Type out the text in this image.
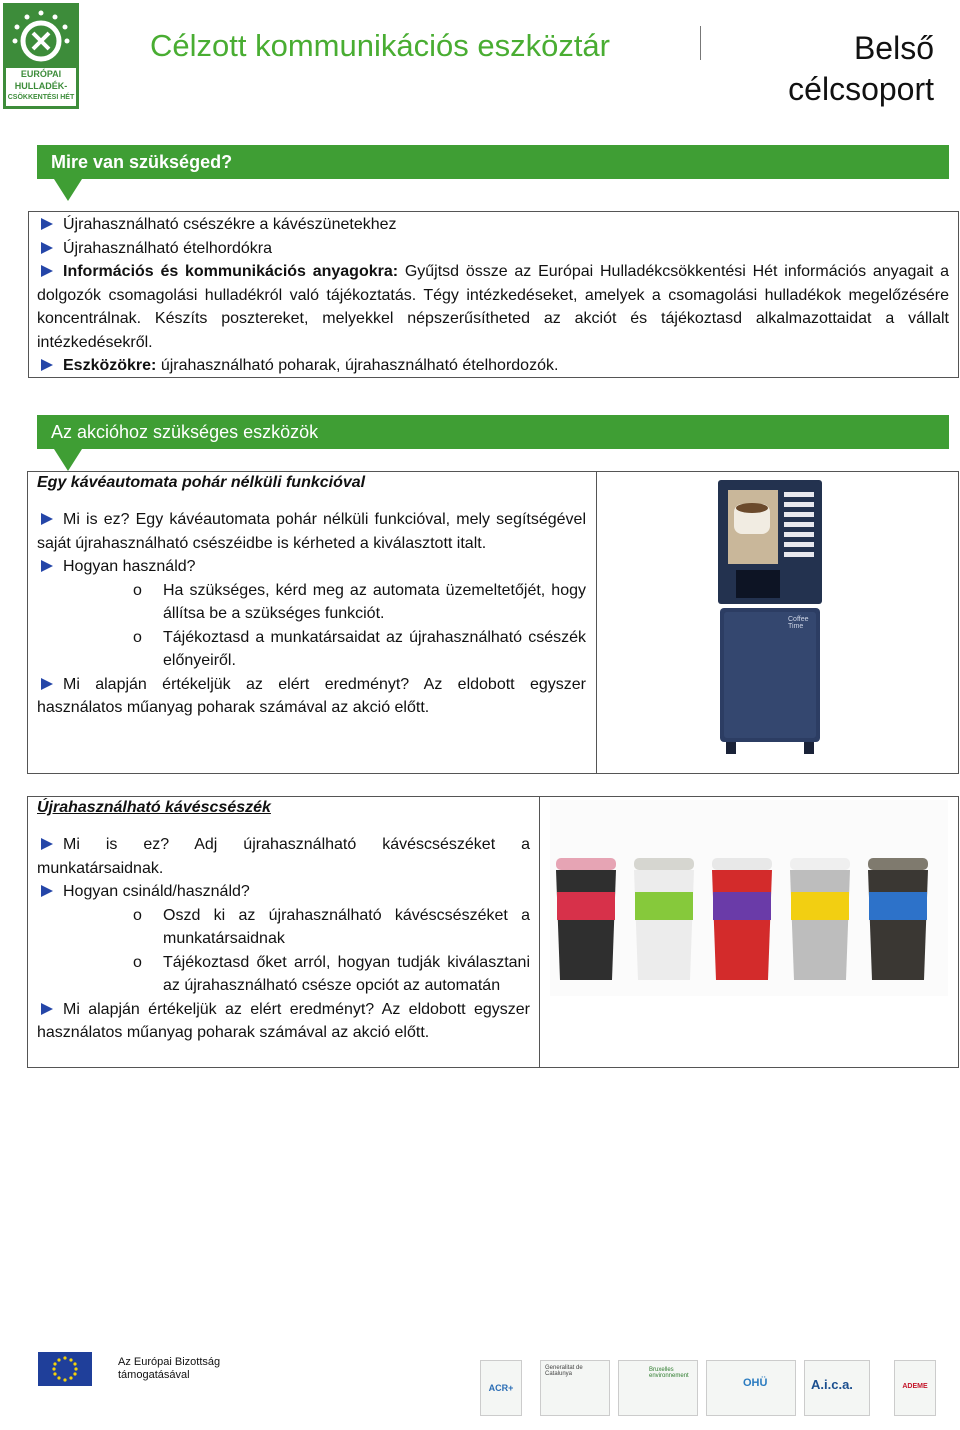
EURÓPAI
HULLADÉK-
CSÖKKENTÉSI HÉT
Célzott kommunikációs eszköztár	Belső
célcsoport
Mire van szükséged?
Újrahasználható csészékre a kávészünetekhez
Újrahasználható ételhordókra
Információs és kommunikációs anyagokra: Gyűjtsd össze az Európai Hulladékcsökkentési Hét információs anyagait a dolgozók csomagolási hulladékról való tájékoztatás. Tégy intézkedéseket, amelyek a csomagolási hulladékok megelőzésére koncentrálnak. Készíts posztereket, melyekkel népszerűsítheted az akciót és tájékoztasd alkalmazottaidat a vállalt intézkedésekről.
Eszközökre: újrahasználható poharak, újrahasználható ételhordozók.
Az akcióhoz szükséges eszközök
Egy kávéautomata pohár nélküli funkcióval
Mi is ez? Egy kávéautomata pohár nélküli funkcióval, mely segítségével saját újrahasználható csészéidbe is kérheted a kiválasztott italt.
Hogyan használd?
o Ha szükséges, kérd meg az automata üzemeltetőjét, hogy állítsa be a szükséges funkciót.
o Tájékoztasd a munkatársaidat az újrahasználható csészék előnyeiről.
Mi alapján értékeljük az elért eredményt? Az eldobott egyszer használatos műanyag poharak számával az akció előtt.
Coffee Time
Újrahasználható kávéscsészék
Mi is ez? Adj újrahasználható kávéscsészéket a munkatársaidnak.
Hogyan csináld/használd?
o Oszd ki az újrahasználható kávéscsészéket a munkatársaidnak
o Tájékoztasd őket arról, hogyan tudják kiválasztani az újrahasználható csésze opciót az automatán
Mi alapján értékeljük az elért eredményt? Az eldobott egyszer használatos műanyag poharak számával az akció előtt.
Az Európai Bizottság
támogatásával
ACR+
Generalitat de Catalunya
Bruxelles environnement
OHÜ	A.i.c.a.	ADEME
